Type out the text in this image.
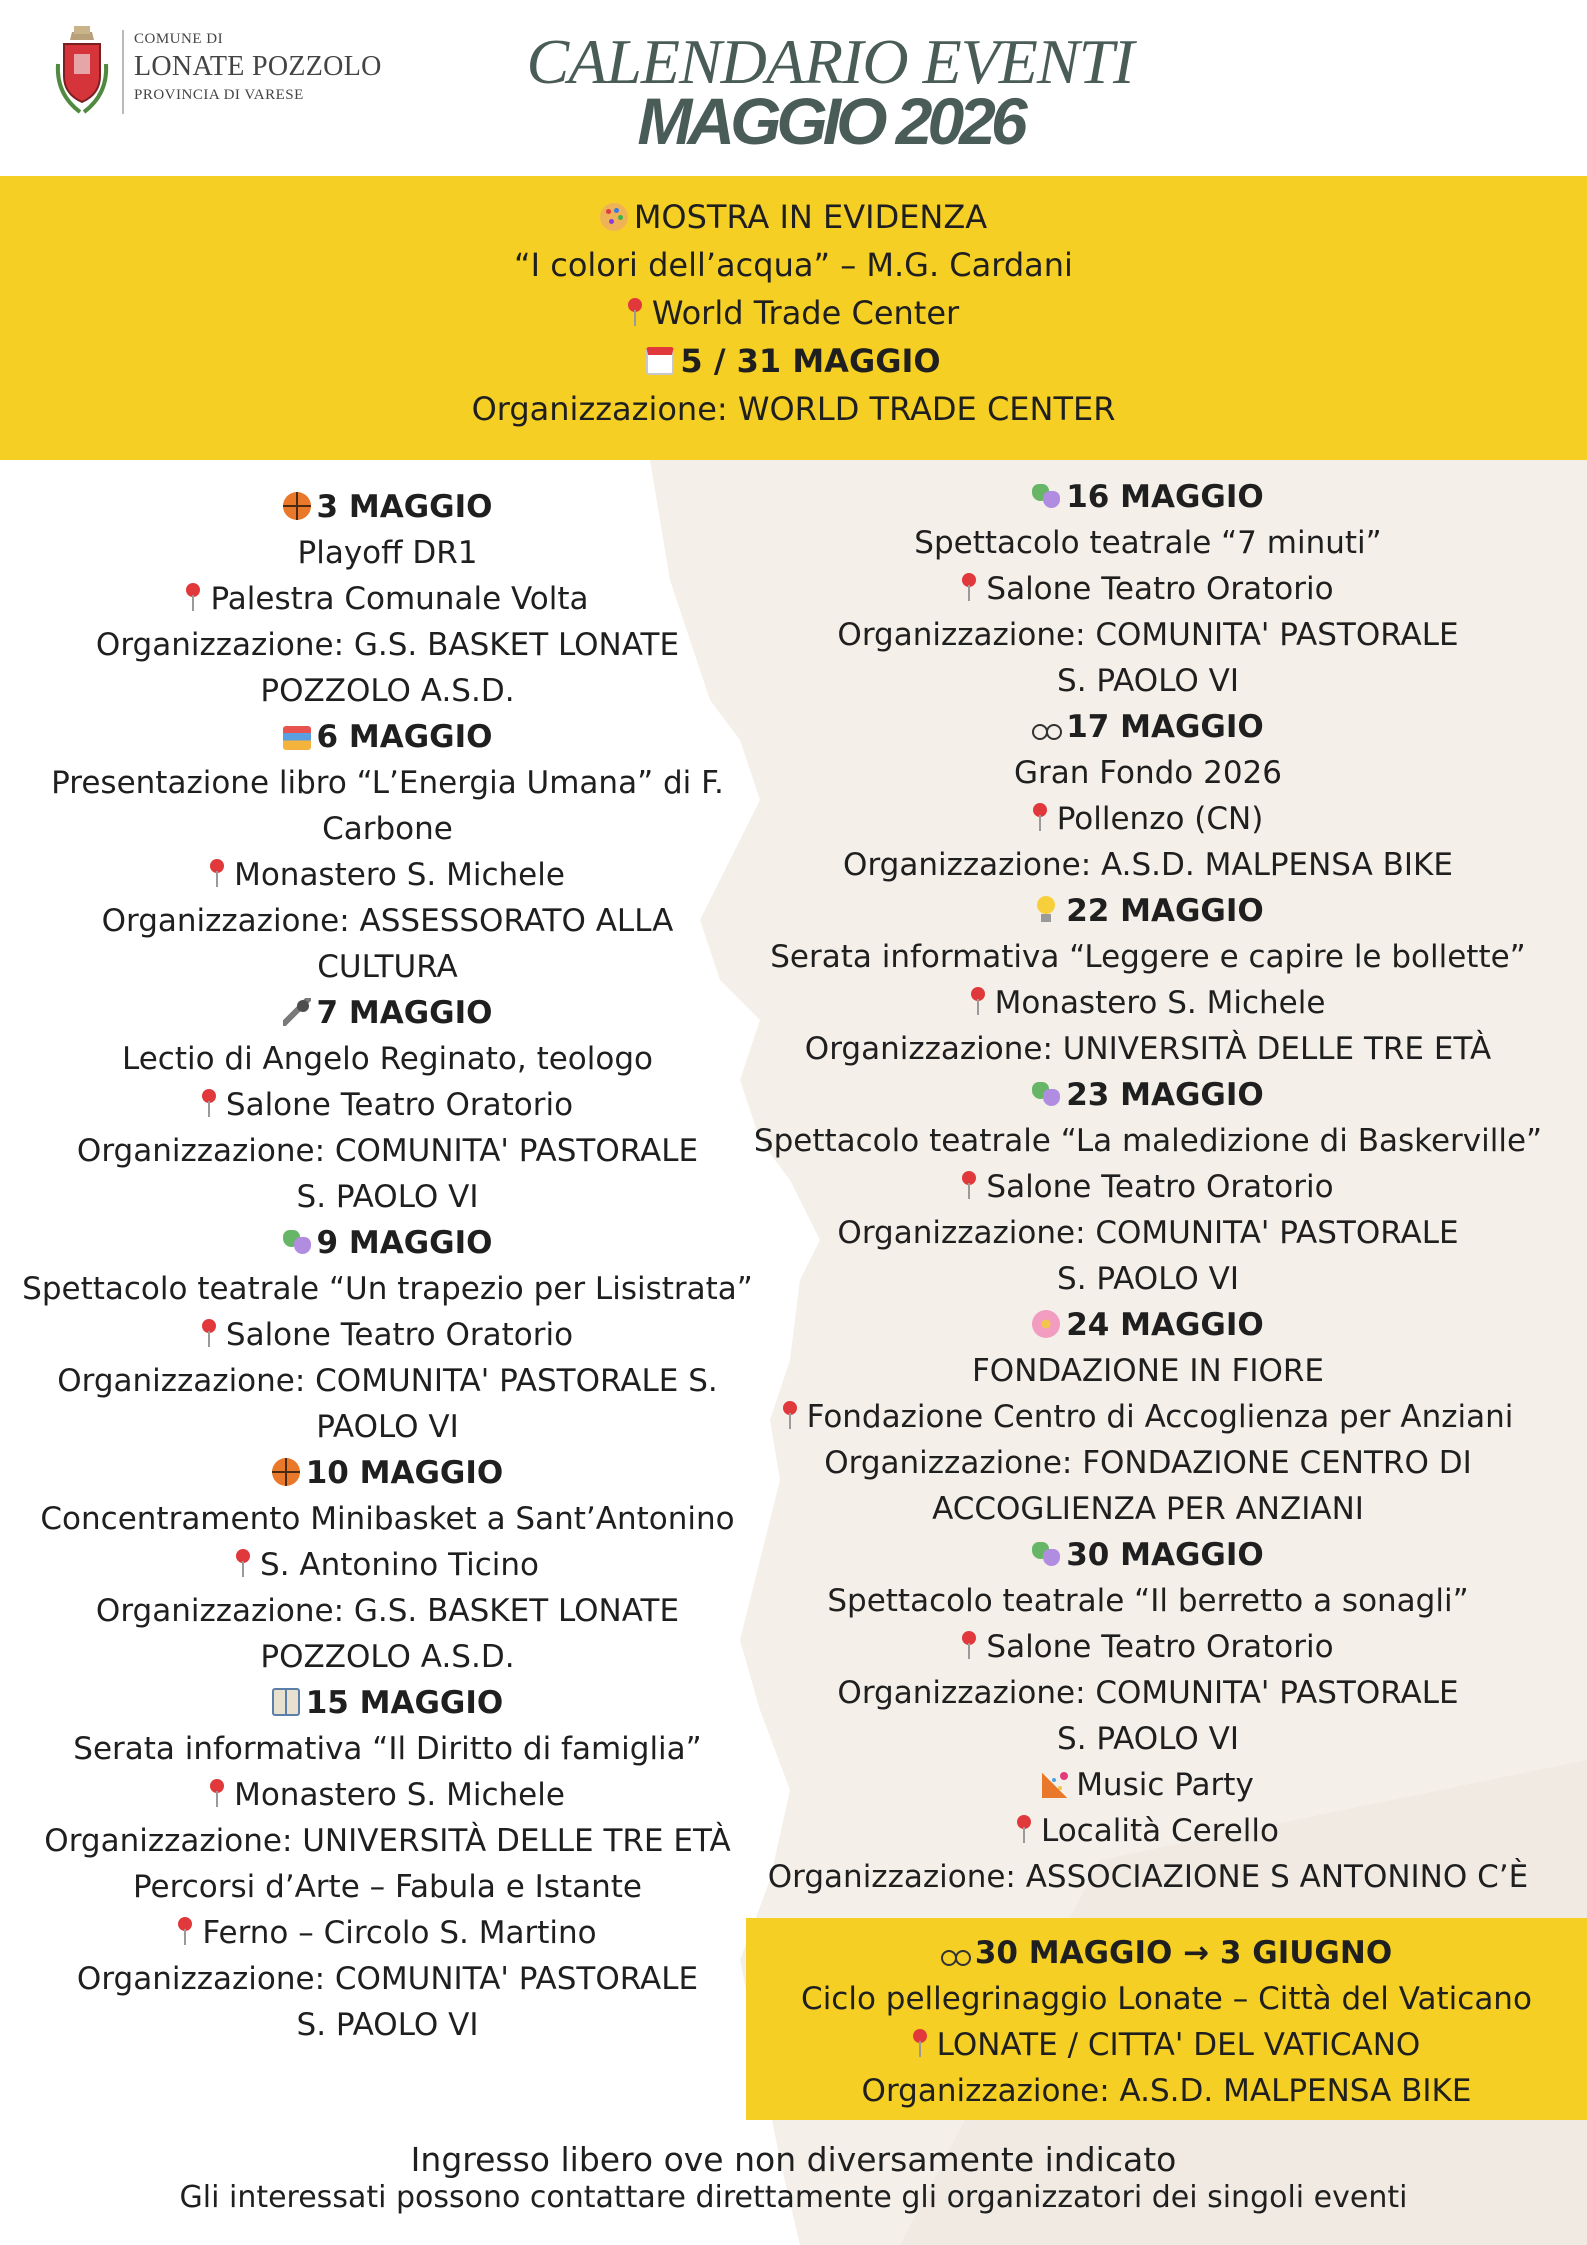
COMUNE DI
LONATE POZZOLO
PROVINCIA DI VARESE	CALENDARIO EVENTI
MAGGIO 2026
MOSTRA IN EVIDENZA
“I colori dell’acqua” – M.G. Cardani
World Trade Center
5 / 31 MAGGIO
Organizzazione: WORLD TRADE CENTER
3 MAGGIO
Playoff DR1
Palestra Comunale Volta
Organizzazione: G.S. BASKET LONATE POZZOLO A.S.D.
6 MAGGIO
Presentazione libro “L’Energia Umana” di F. Carbone
Monastero S. Michele
Organizzazione: ASSESSORATO ALLA CULTURA
7 MAGGIO
Lectio di Angelo Reginato, teologo
Salone Teatro Oratorio
Organizzazione: COMUNITA' PASTORALE S. PAOLO VI
9 MAGGIO
Spettacolo teatrale “Un trapezio per Lisistrata”
Salone Teatro Oratorio
Organizzazione: COMUNITA' PASTORALE S. PAOLO VI
10 MAGGIO
Concentramento Minibasket a Sant’Antonino
S. Antonino Ticino
Organizzazione: G.S. BASKET LONATE POZZOLO A.S.D.
15 MAGGIO
Serata informativa “Il Diritto di famiglia”
Monastero S. Michele
Organizzazione: UNIVERSITÀ DELLE TRE ETÀ
Percorsi d’Arte – Fabula e Istante
Ferno – Circolo S. Martino
Organizzazione: COMUNITA' PASTORALE S. PAOLO VI
16 MAGGIO
Spettacolo teatrale “7 minuti”
Salone Teatro Oratorio
Organizzazione: COMUNITA' PASTORALE S. PAOLO VI
17 MAGGIO
Gran Fondo 2026
Pollenzo (CN)
Organizzazione: A.S.D. MALPENSA BIKE
22 MAGGIO
Serata informativa “Leggere e capire le bollette”
Monastero S. Michele
Organizzazione: UNIVERSITÀ DELLE TRE ETÀ
23 MAGGIO
Spettacolo teatrale “La maledizione di Baskerville”
Salone Teatro Oratorio
Organizzazione: COMUNITA' PASTORALE S. PAOLO VI
24 MAGGIO
FONDAZIONE IN FIORE
Fondazione Centro di Accoglienza per Anziani
Organizzazione: FONDAZIONE CENTRO DI ACCOGLIENZA PER ANZIANI
30 MAGGIO
Spettacolo teatrale “Il berretto a sonagli”
Salone Teatro Oratorio
Organizzazione: COMUNITA' PASTORALE S. PAOLO VI
Music Party
Località Cerello
Organizzazione: ASSOCIAZIONE S ANTONINO C’È
30 MAGGIO → 3 GIUGNO
Ciclo pellegrinaggio Lonate – Città del Vaticano
LONATE / CITTA' DEL VATICANO
Organizzazione: A.S.D. MALPENSA BIKE
Ingresso libero ove non diversamente indicato
Gli interessati possono contattare direttamente gli organizzatori dei singoli eventi
